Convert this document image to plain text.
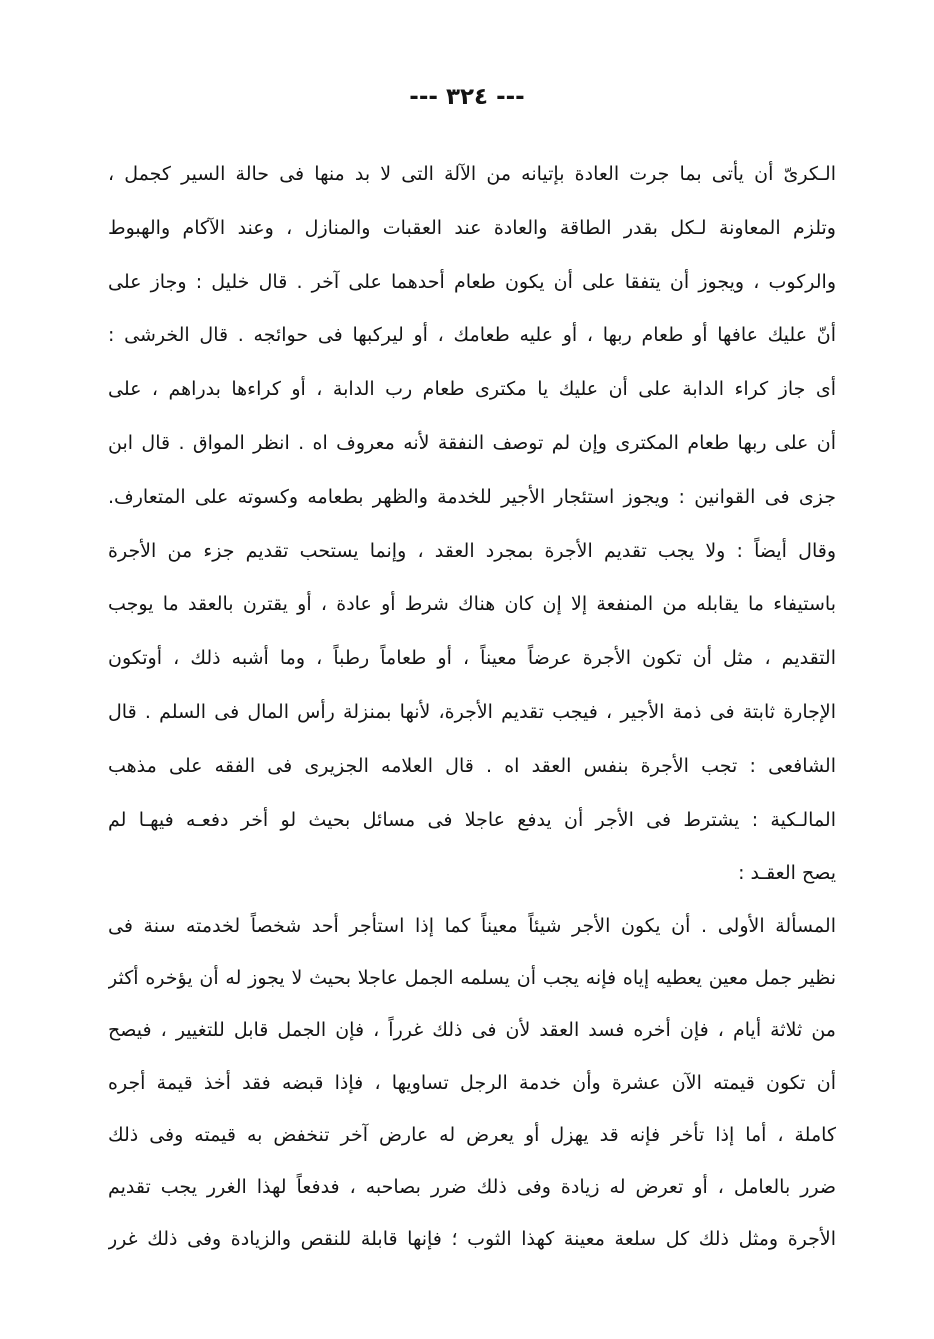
--- ٣٢٤ ---
الـكرىّ أن يأتى بما جرت العادة بإتيانه من الآلة التى لا بد منها فى حالة السير كجمل ،
وتلزم المعاونة لـكل بقدر الطاقة والعادة عند العقبات والمنازل ، وعند الآكام والهبوط
والركوب ، ويجوز أن يتفقا على أن يكون طعام أحدهما على آخر . قال خليل : وجاز على
أنّ عليك عافها أو طعام ربها ، أو عليه طعامك ، أو ليركبها فى حوائجه . قال الخرشى :
أى جاز كراء الدابة على أن عليك يا مكترى طعام رب الدابة ، أو كراءها بدراهم ، على
أن على ربها طعام المكترى وإن لم توصف النفقة لأنه معروف اه . انظر المواق . قال ابن
جزى فى القوانين : ويجوز استئجار الأجير للخدمة والظهر بطعامه وكسوته على المتعارف.
وقال أيضاً : ولا يجب تقديم الأجرة بمجرد العقد ، وإنما يستحب تقديم جزء من الأجرة
باستيفاء ما يقابله من المنفعة إلا إن كان هناك شرط أو عادة ، أو يقترن بالعقد ما يوجب
التقديم ، مثل أن تكون الأجرة عرضاً معيناً ، أو طعاماً رطباً ، وما أشبه ذلك ، أوتكون
الإجارة ثابتة فى ذمة الأجير ، فيجب تقديم الأجرة، لأنها بمنزلة رأس المال فى السلم . قال
الشافعى : تجب الأجرة بنفس العقد اه . قال العلامه الجزيرى فى الفقه على مذهب
المالـكية : يشترط فى الأجر أن يدفع عاجلا فى مسائل بحيث لو أخر دفعـه فيهـا لم
يصح العقـد :
المسألة الأولى . أن يكون الأجر شيئاً معيناً كما إذا استأجر أحد شخصاً لخدمته سنة فى
نظير جمل معين يعطيه إياه فإنه يجب أن يسلمه الجمل عاجلا بحيث لا يجوز له أن يؤخره أكثر
من ثلاثة أيام ، فإن أخره فسد العقد لأن فى ذلك غرراً ، فإن الجمل قابل للتغيير ، فيصح
أن تكون قيمته الآن عشرة وأن خدمة الرجل تساويها ، فإذا قبضه فقد أخذ قيمة أجره
كاملة ، أما إذا تأخر فإنه قد يهزل أو يعرض له عارض آخر تنخفض به قيمته وفى ذلك
ضرر بالعامل ، أو تعرض له زيادة وفى ذلك ضرر بصاحبه ، فدفعاً لهذا الغرر يجب تقديم
الأجرة ومثل ذلك كل سلعة معينة كهذا الثوب ؛ فإنها قابلة للنقص والزيادة وفى ذلك غرر
